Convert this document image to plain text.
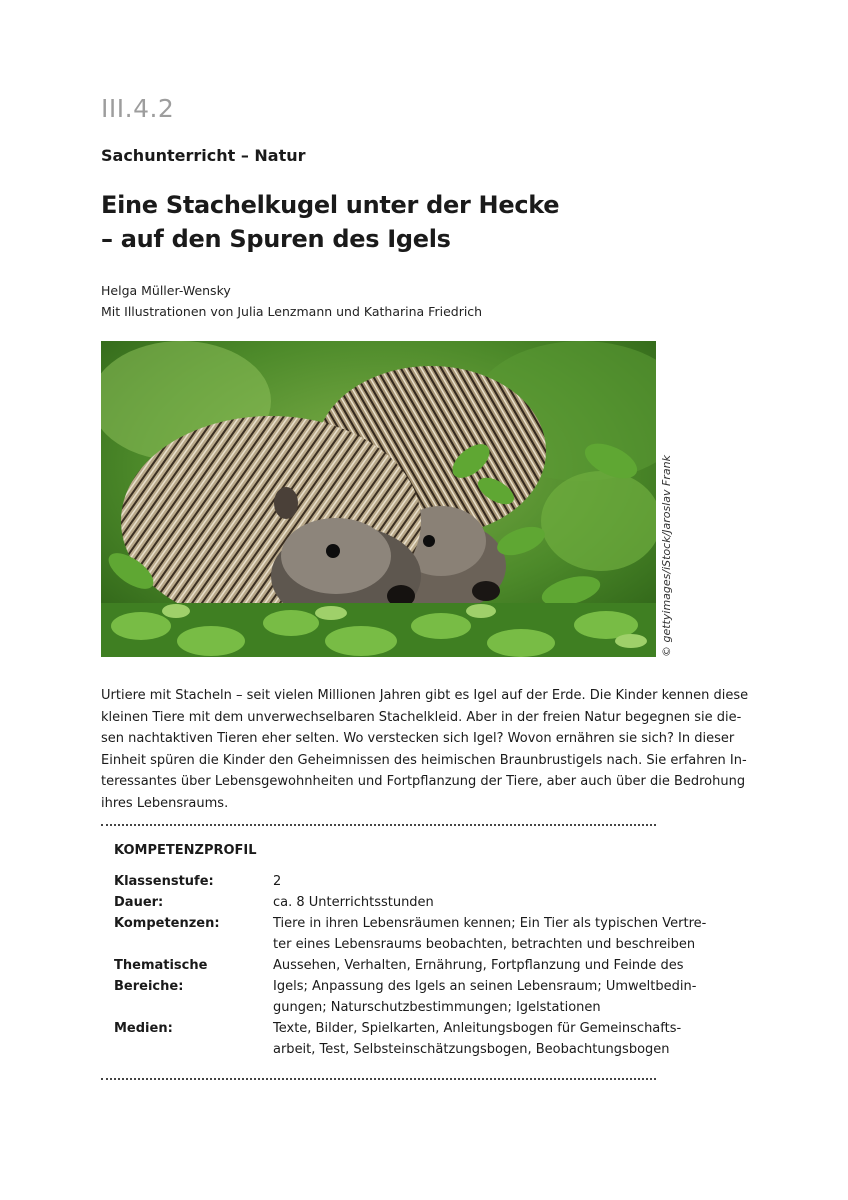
III.4.2
Sachunterricht – Natur
Eine Stachelkugel unter der Hecke
– auf den Spuren des Igels
Helga Müller-Wensky
Mit Illustrationen von Julia Lenzmann und Katharina Friedrich
© gettyimages/iStock/Jaroslav Frank
Urtiere mit Stacheln – seit vielen Millionen Jahren gibt es Igel auf der Erde. Die Kinder kennen diese
kleinen Tiere mit dem unverwechselbaren Stachelkleid. Aber in der freien Natur begegnen sie die-
sen nachtaktiven Tieren eher selten. Wo verstecken sich Igel? Wovon ernähren sie sich? In dieser
Einheit spüren die Kinder den Geheimnissen des heimischen Braunbrustigels nach. Sie erfahren In-
teressantes über Lebensgewohnheiten und Fortpflanzung der Tiere, aber auch über die Bedrohung
ihres Lebensraums.
KOMPETENZPROFIL
Klassenstufe:	2
Dauer:	ca. 8 Unterrichtsstunden
Kompetenzen:	Tiere in ihren Lebensräumen kennen; Ein Tier als typischen Vertre-
ter eines Lebensraums beobachten, betrachten und beschreiben
Thematische Bereiche:
Aussehen, Verhalten, Ernährung, Fortpflanzung und Feinde des
Igels; Anpassung des Igels an seinen Lebensraum; Umweltbedin-
gungen; Naturschutzbestimmungen; Igelstationen
Medien:	Texte, Bilder, Spielkarten, Anleitungsbogen für Gemeinschafts-
arbeit, Test, Selbsteinschätzungsbogen, Beobachtungsbogen
